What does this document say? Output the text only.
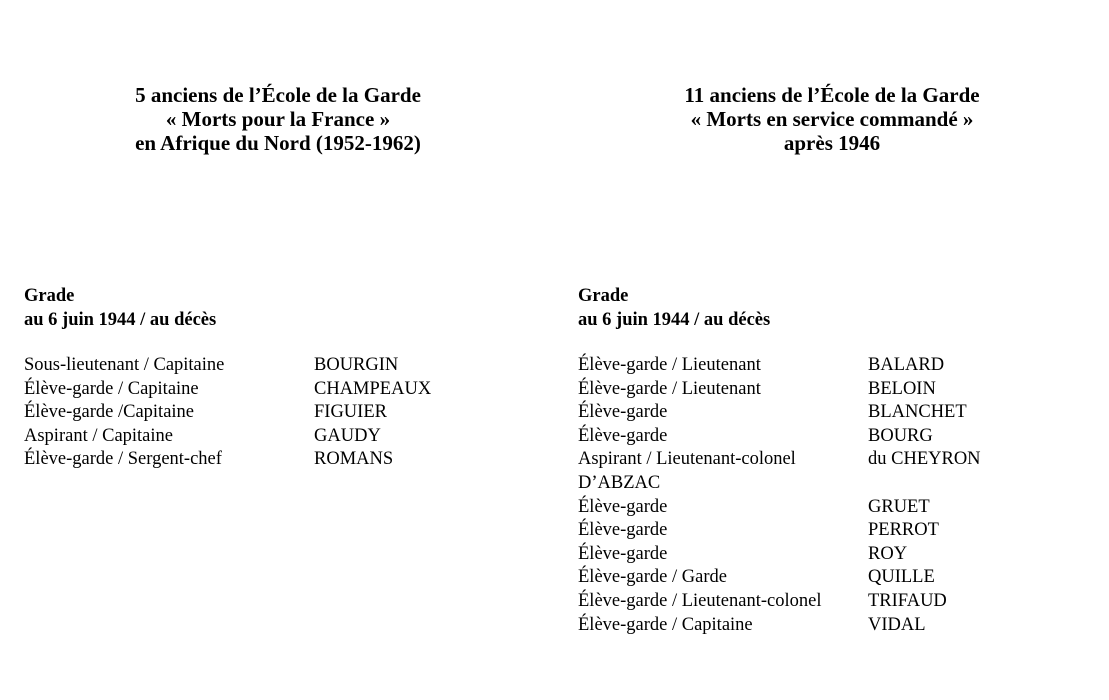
5 anciens de l’École de la Garde
« Morts pour la France »
en Afrique du Nord (1952-1962)
11 anciens de l’École de la Garde
« Morts en service commandé »
après 1946
Grade
au 6 juin 1944 / au décès
Grade
au 6 juin 1944 / au décès
Sous-lieutenant / Capitaine	BOURGIN
Élève-garde / Capitaine	CHAMPEAUX
Élève-garde /Capitaine	FIGUIER
Aspirant / Capitaine	GAUDY
Élève-garde / Sergent-chef	ROMANS
Élève-garde / Lieutenant	BALARD
Élève-garde / Lieutenant	BELOIN
Élève-garde	BLANCHET
Élève-garde	BOURG
Aspirant / Lieutenant-colonel	du CHEYRON
D’ABZAC
Élève-garde	GRUET
Élève-garde	PERROT
Élève-garde	ROY
Élève-garde / Garde	QUILLE
Élève-garde / Lieutenant-colonel	TRIFAUD
Élève-garde / Capitaine	VIDAL
